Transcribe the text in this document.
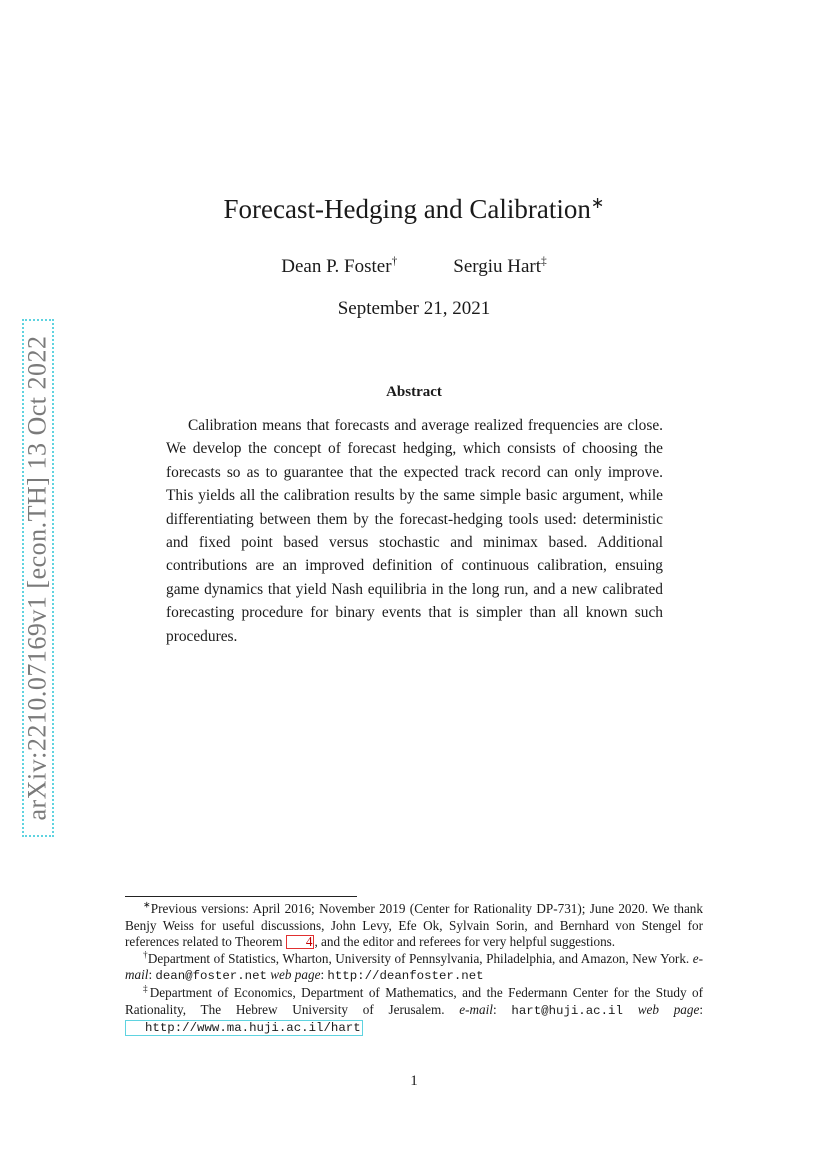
arXiv:2210.07169v1 [econ.TH] 13 Oct 2022
Forecast-Hedging and Calibration∗
Dean P. Foster†	Sergiu Hart‡
September 21, 2021
Abstract

Calibration means that forecasts and average realized frequencies are close. We develop the concept of forecast hedging, which consists of choosing the forecasts so as to guarantee that the expected track record can only improve. This yields all the calibration results by the same simple basic argument, while differentiating between them by the forecast-hedging tools used: deterministic and fixed point based versus stochastic and minimax based. Additional contributions are an improved definition of continuous calibration, ensuing game dynamics that yield Nash equilibria in the long run, and a new calibrated forecasting procedure for binary events that is simpler than all known such procedures.

∗Previous versions: April 2016; November 2019 (Center for Rationality DP-731); June 2020. We thank Benjy Weiss for useful discussions, John Levy, Efe Ok, Sylvain Sorin, and Bernhard von Stengel for references related to Theorem 4 , and the editor and referees for very helpful suggestions.

†Department of Statistics, Wharton, University of Pennsylvania, Philadelphia, and Amazon, New York. e-mail: dean@foster.net web page: http://deanfoster.net

‡Department of Economics, Department of Mathematics, and the Federmann Center for the Study of Rationality, The Hebrew University of Jerusalem. e-mail: hart@huji.ac.il web page: http://www.ma.huji.ac.il/hart

1
